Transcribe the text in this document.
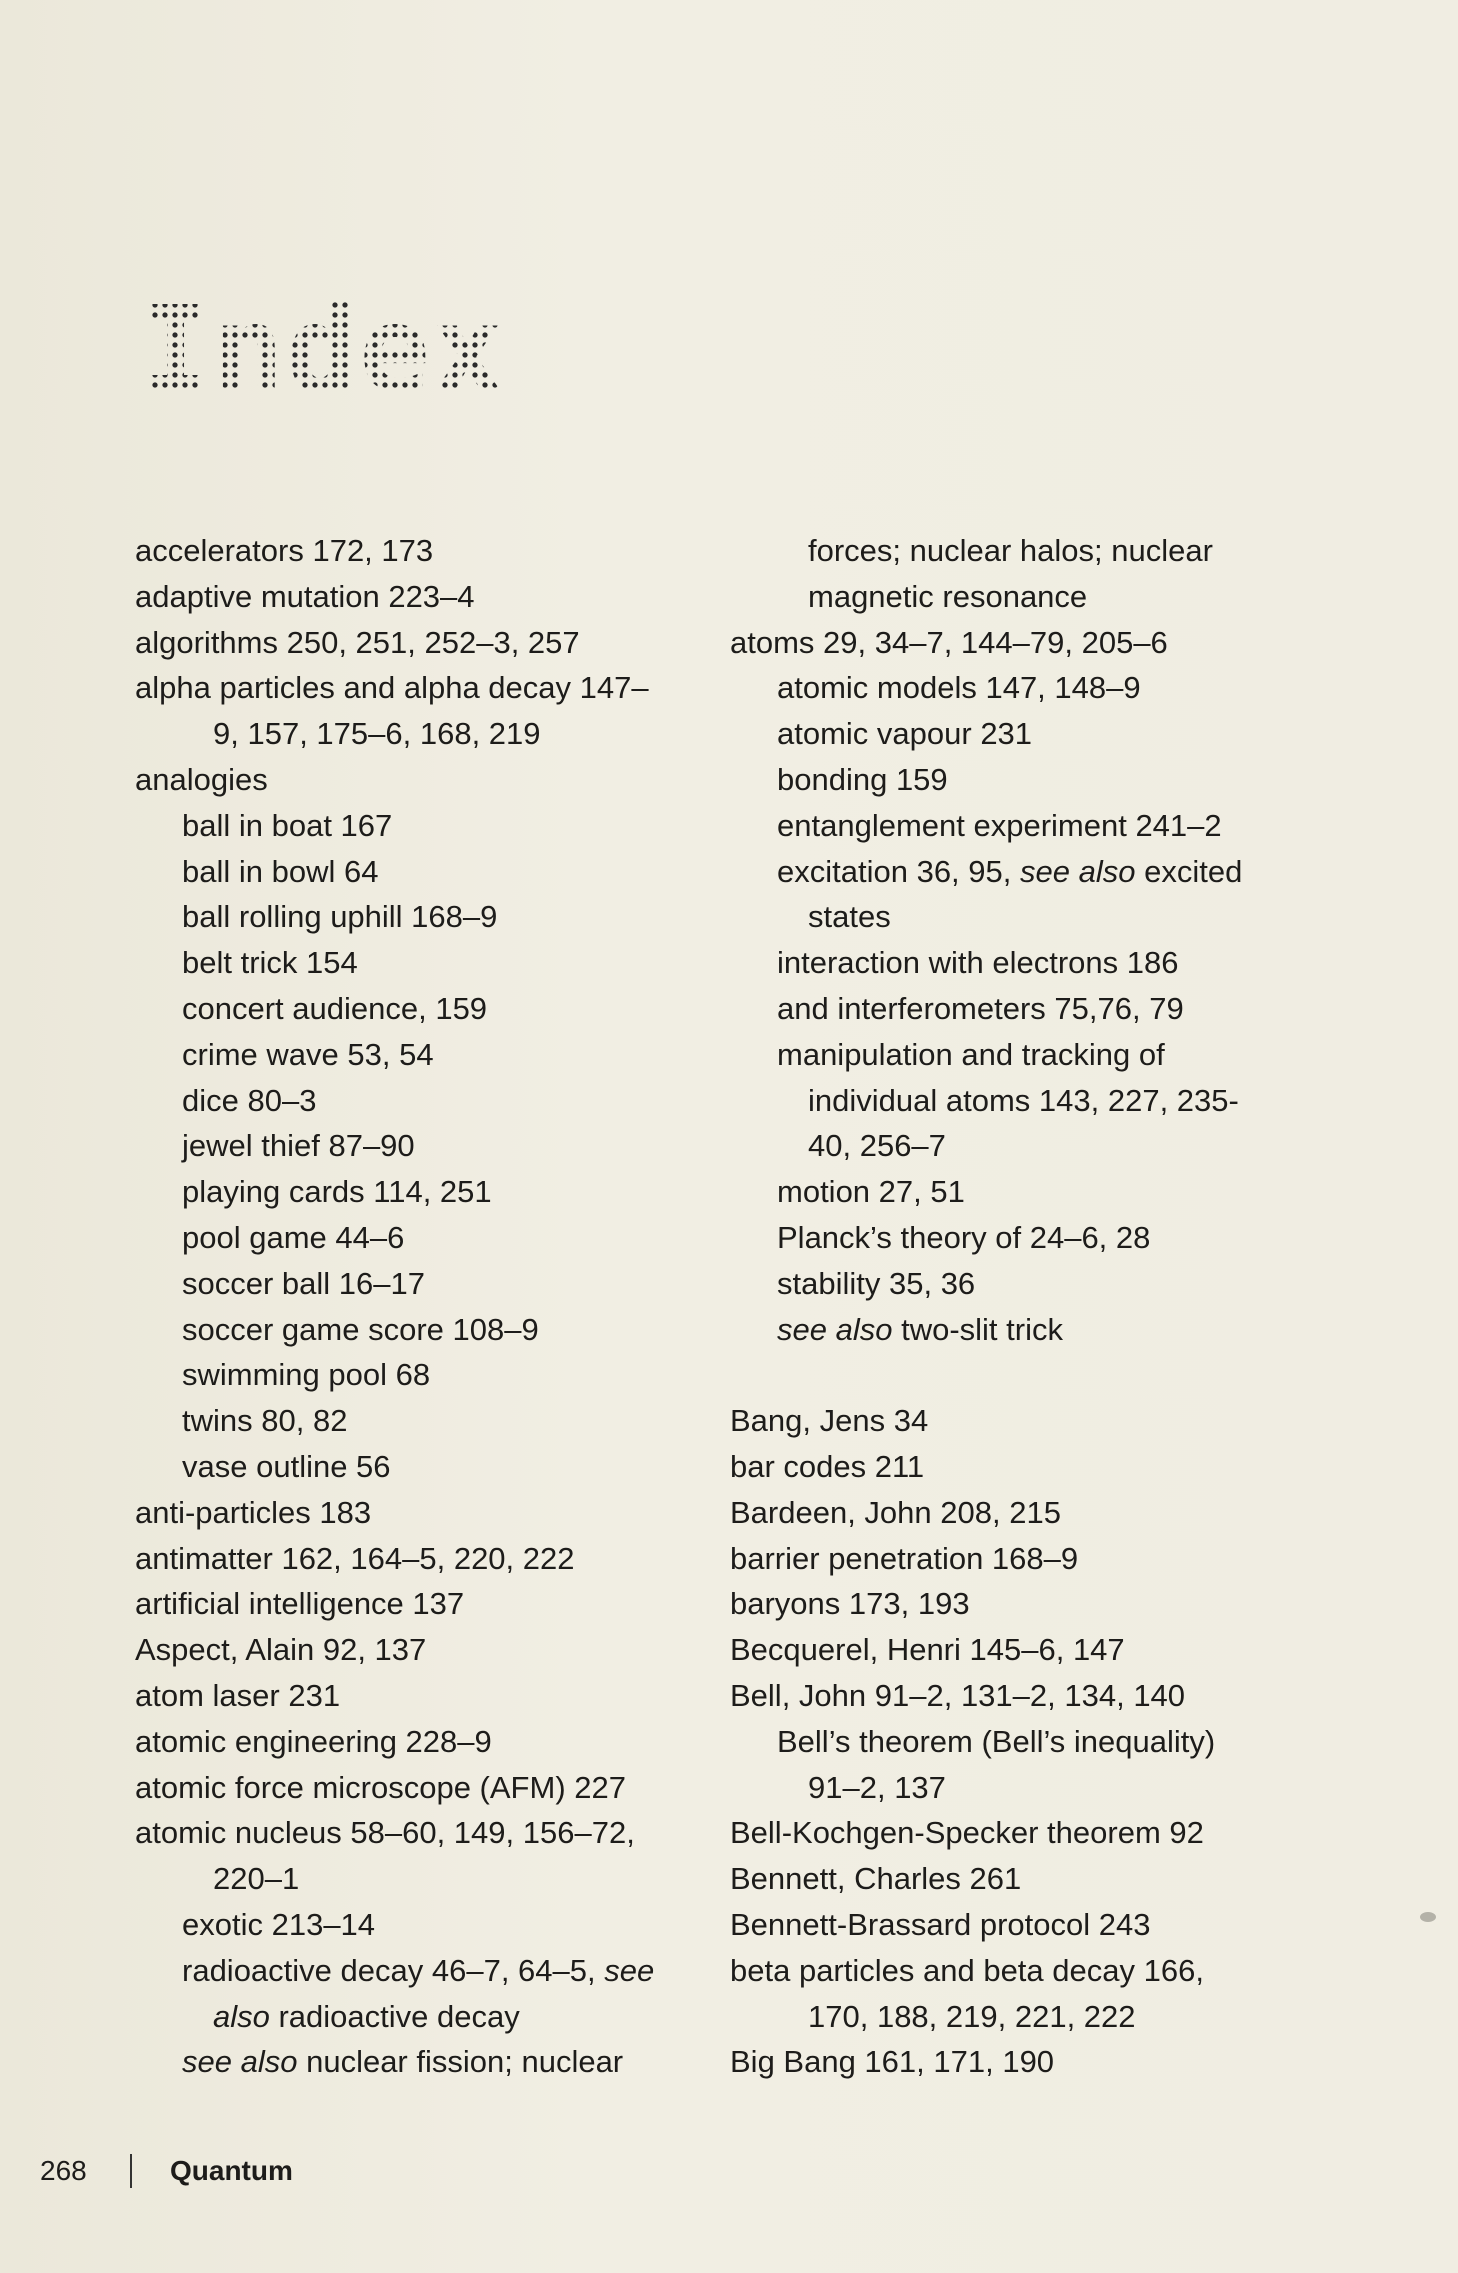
Index
accelerators 172, 173
adaptive mutation 223–4
algorithms 250, 251, 252–3, 257
alpha particles and alpha decay 147–
9, 157, 175–6, 168, 219
analogies
ball in boat 167
ball in bowl 64
ball rolling uphill 168–9
belt trick 154
concert audience, 159
crime wave 53, 54
dice 80–3
jewel thief 87–90
playing cards 114, 251
pool game 44–6
soccer ball 16–17
soccer game score 108–9
swimming pool 68
twins 80, 82
vase outline 56
anti-particles 183
antimatter 162, 164–5, 220, 222
artificial intelligence 137
Aspect, Alain 92, 137
atom laser 231
atomic engineering 228–9
atomic force microscope (AFM) 227
atomic nucleus 58–60, 149, 156–72,
220–1
exotic 213–14
radioactive decay 46–7, 64–5, see
also radioactive decay
see also nuclear fission; nuclear
forces; nuclear halos; nuclear
magnetic resonance
atoms 29, 34–7, 144–79, 205–6
atomic models 147, 148–9
atomic vapour 231
bonding 159
entanglement experiment 241–2
excitation 36, 95, see also excited
states
interaction with electrons 186
and interferometers 75,76, 79
manipulation and tracking of
individual atoms 143, 227, 235-
40, 256–7
motion 27, 51
Planck’s theory of 24–6, 28
stability 35, 36
see also two-slit trick
Bang, Jens 34
bar codes 211
Bardeen, John 208, 215
barrier penetration 168–9
baryons 173, 193
Becquerel, Henri 145–6, 147
Bell, John 91–2, 131–2, 134, 140
Bell’s theorem (Bell’s inequality)
91–2, 137
Bell-Kochgen-Specker theorem 92
Bennett, Charles 261
Bennett-Brassard protocol 243
beta particles and beta decay 166,
170, 188, 219, 221, 222
Big Bang 161, 171, 190
268	Quantum
